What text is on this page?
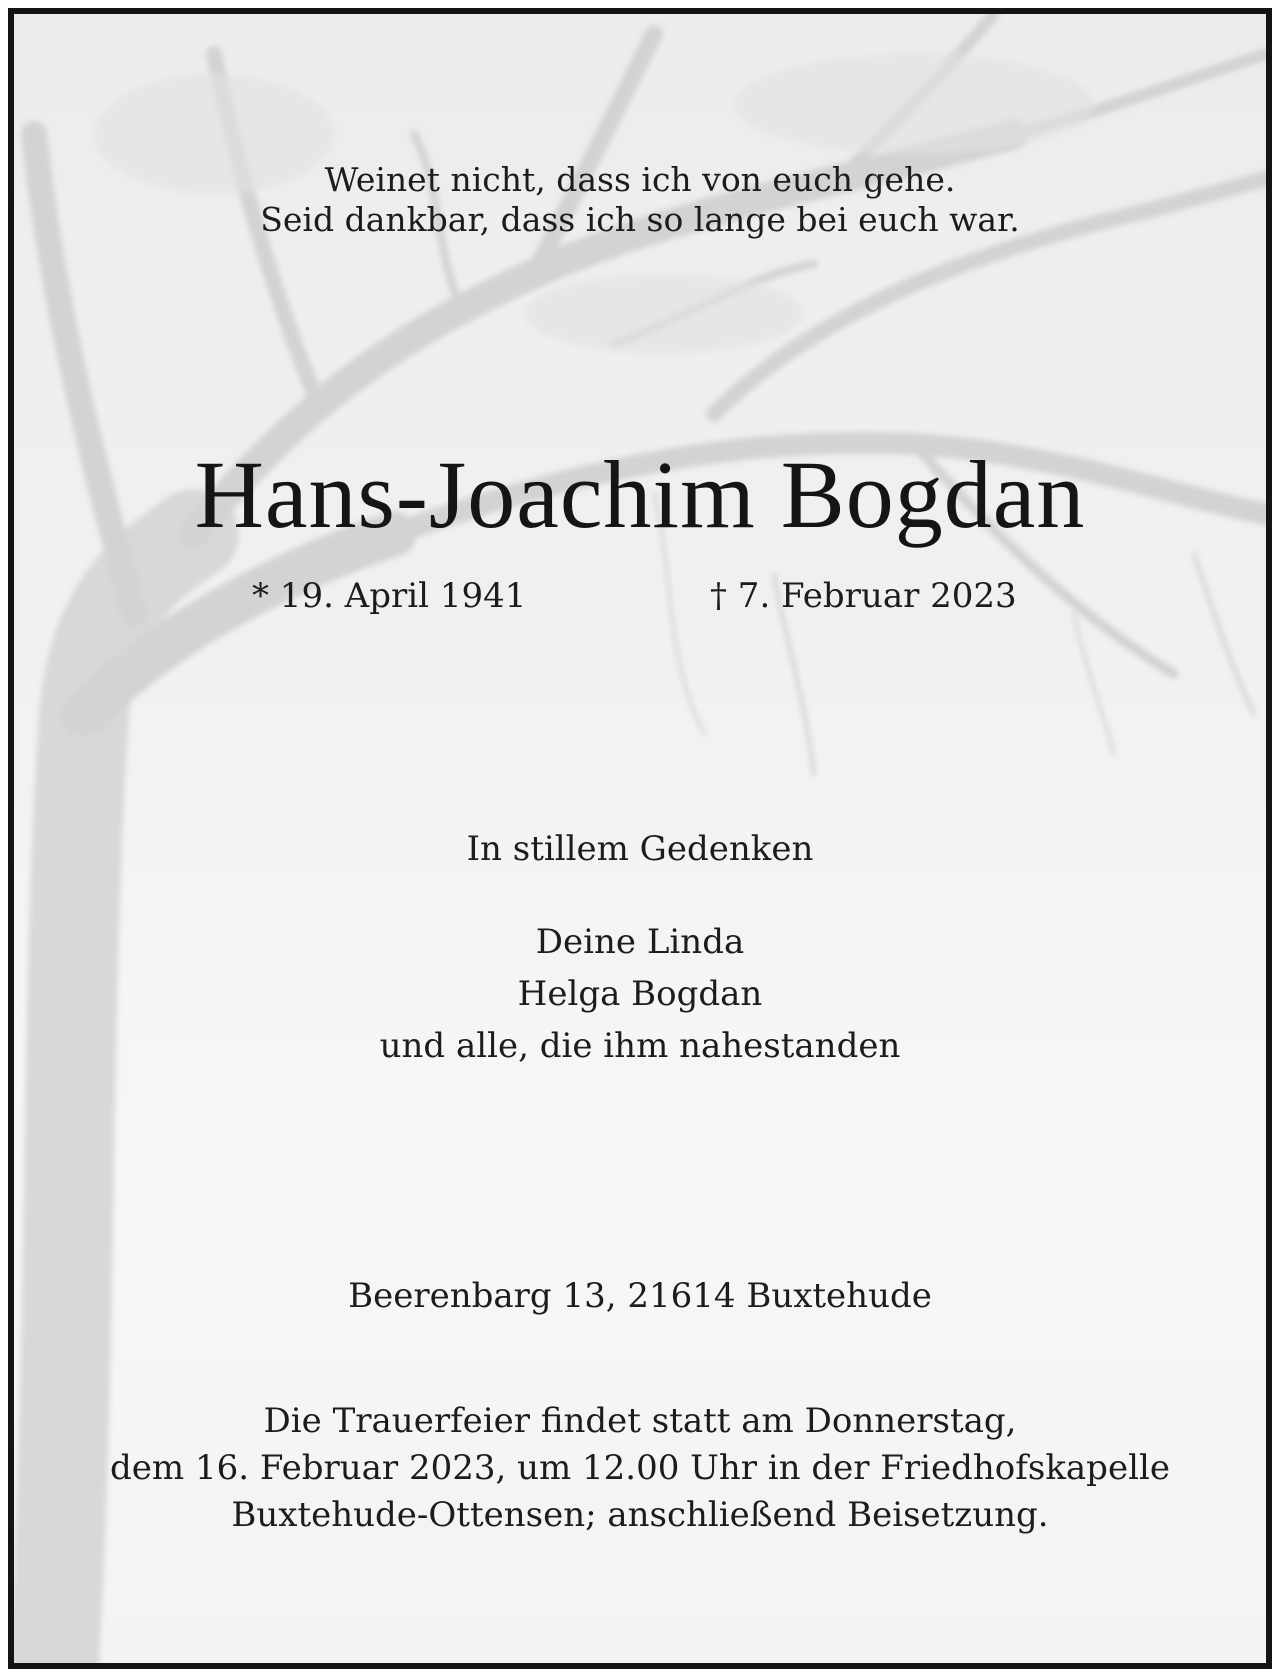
Weinet nicht, dass ich von euch gehe.
Seid dankbar, dass ich so lange bei euch war.
Hans-Joachim Bogdan
* 19. April 1941	† 7. Februar 2023
In stillem Gedenken
Deine Linda
Helga Bogdan
und alle, die ihm nahestanden
Beerenbarg 13, 21614 Buxtehude
Die Trauerfeier findet statt am Donnerstag,
dem 16. Februar 2023, um 12.00 Uhr in der Friedhofskapelle
Buxtehude-Ottensen; anschließend Beisetzung.
